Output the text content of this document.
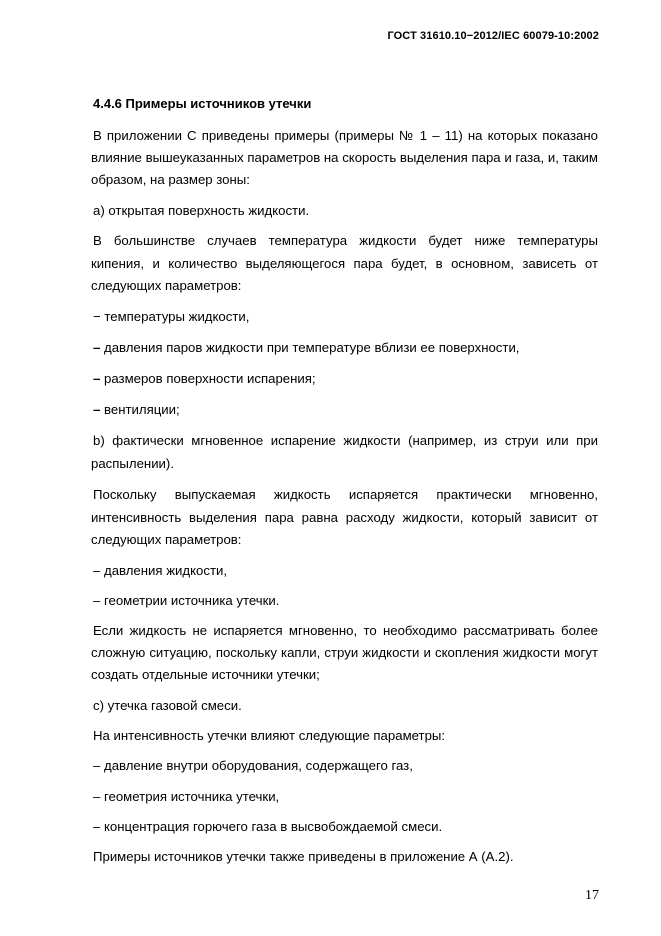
ГОСТ 31610.10−2012/IEC 60079-10:2002
4.4.6 Примеры источников утечки
В приложении С приведены примеры (примеры № 1 – 11) на которых показано
влияние вышеуказанных параметров на скорость выделения пара и газа, и, таким
образом, на размер зоны:
а) открытая поверхность жидкости.
В большинстве случаев температура жидкости будет ниже температуры
кипения, и количество выделяющегося пара будет, в основном, зависеть от
следующих параметров:
− температуры жидкости,
– давления паров жидкости при температуре вблизи ее поверхности,
– размеров поверхности испарения;
– вентиляции;
b) фактически мгновенное испарение жидкости (например, из струи или при
распылении).
Поскольку выпускаемая жидкость испаряется практически мгновенно,
интенсивность выделения пара равна расходу жидкости, который зависит от
следующих параметров:
– давления жидкости,
– геометрии источника утечки.
Если жидкость не испаряется мгновенно, то необходимо рассматривать более
сложную ситуацию, поскольку капли, струи жидкости и скопления жидкости могут
создать отдельные источники утечки;
с) утечка газовой смеси.
На интенсивность утечки влияют следующие параметры:
– давление внутри оборудования, содержащего газ,
– геометрия источника утечки,
– концентрация горючего газа в высвобождаемой смеси.
Примеры источников утечки также приведены в приложение А (А.2).
17
